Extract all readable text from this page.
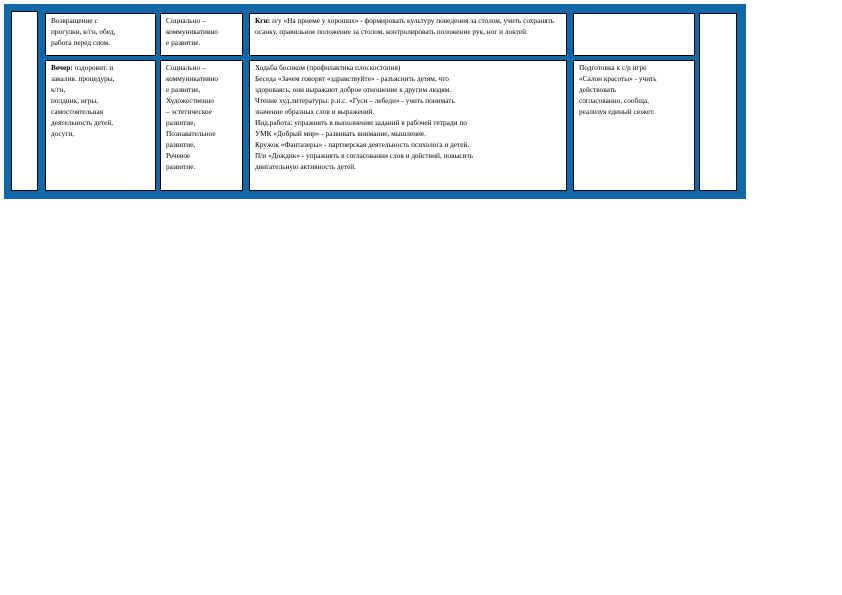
Возвращение с

прогулки, к/гн, обед,

работа перед сном.

Социально –

коммуникативно

е развитие.

Кгн: н/у «На приеме у хороших» - формировать культуру поведения за столом, учить сохранять осанку, правильное положение за столом, контролировать положение рук, ног и локтей.

Вечер: оздоровит. и

закалив. процедуры,

к/гн,

полдник, игры,

самостоятельная

деятельность детей,

досуги,

Социально –

коммуникативно

е развитие,

Художественно

– эстетическое

развитие,

Познавательное

развитие,

Речевое

развитие.

Ходьба босиком (профилактика плоскостопия)

Беседа «Зачем говорят «здравствуйте» - разъяснить детям, что

здороваясь, они выражают доброе отношение к другим людям.

Чтение худ.литературы: р.н.с. «Гуси – лебеди» - учить понимать

значение образных слов и выражений.

Инд.работа: упражнять в выполнении заданий в рабочей тетради по

УМК «Добрый мир» - развивать внимание, мышление.

Кружок «Фантазеры» - партнерская деятельность психолога и детей.

П/и «Дождик» - упражнять в согласовании слов и действий, повысить

двигательную активность детей.

Подготовка к с/р игре

«Салон красоты» - учить

действовать

согласованно, сообща,

реализуя единый сюжет.
